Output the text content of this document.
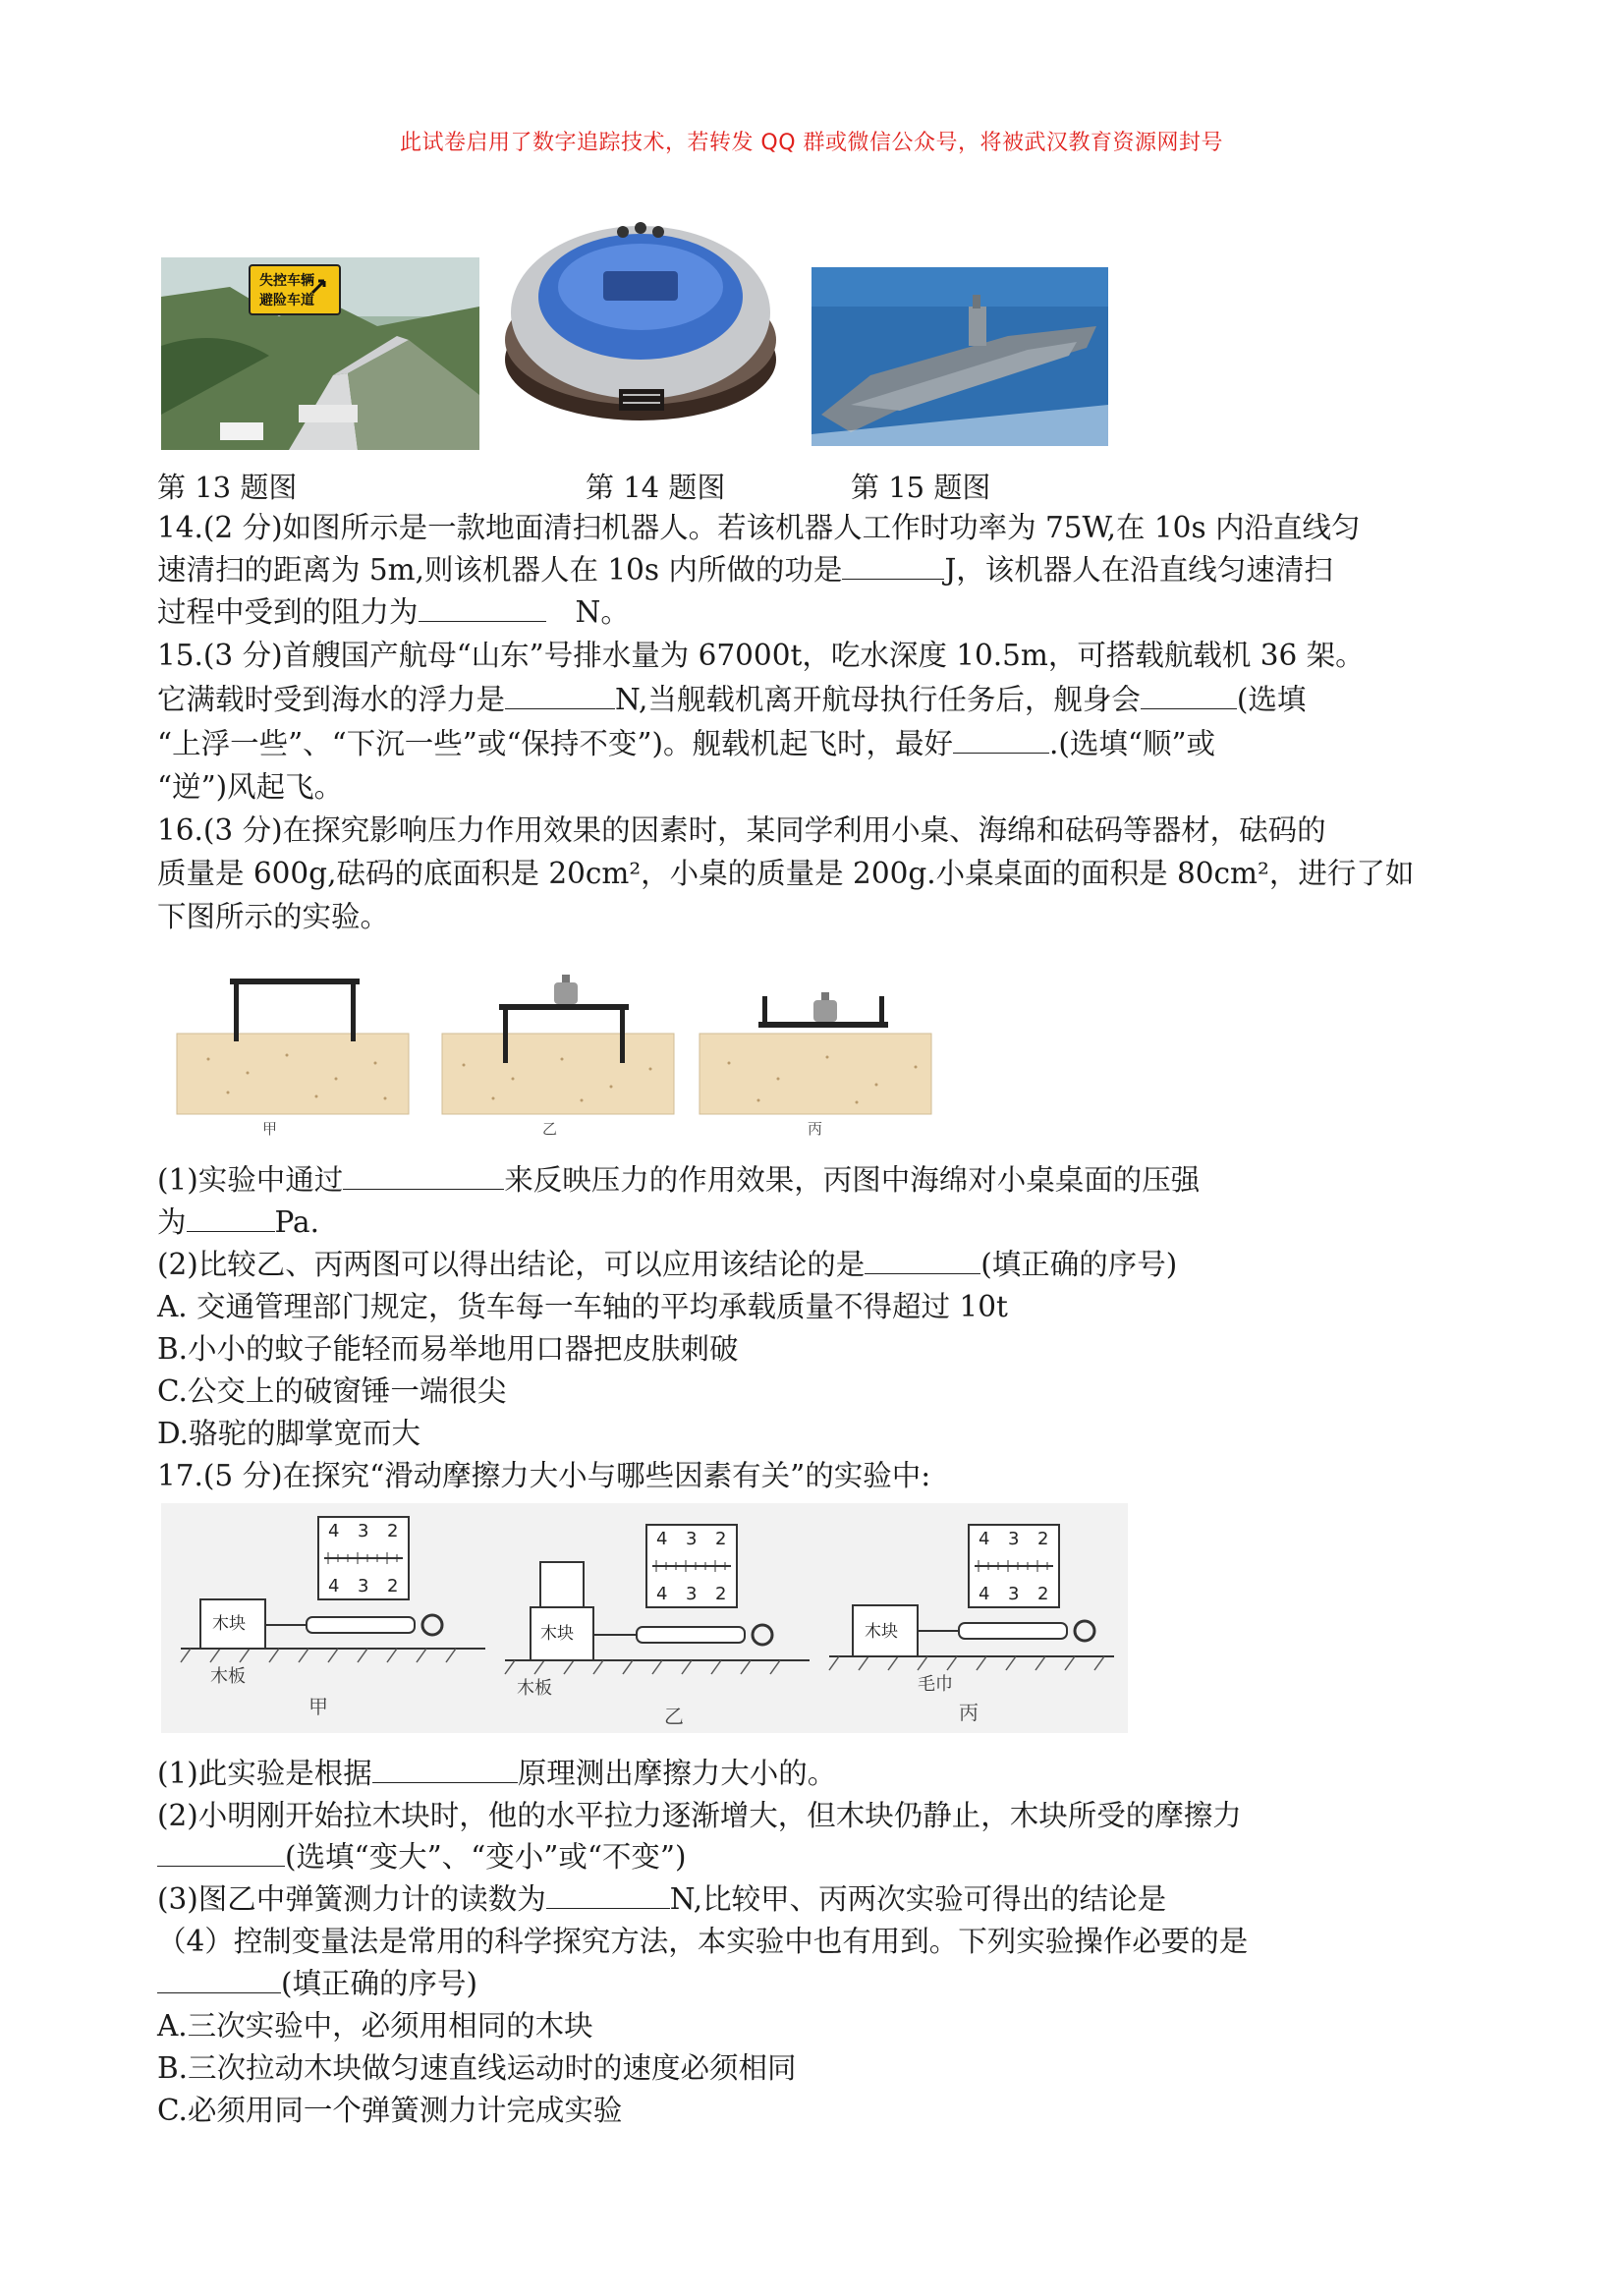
此试卷启用了数字追踪技术，若转发 QQ 群或微信公众号，将被武汉教育资源网封号
失控车辆
避险车道
第 13 题图	第 14 题图	第 15 题图
14.(2 分)如图所示是一款地面清扫机器人。若该机器人工作时功率为 75W,在 10s 内沿直线匀
速清扫的距离为 5m,则该机器人在 10s 内所做的功是	J，该机器人在沿直线匀速清扫
过程中受到的阻力为	N。
15.(3 分)首艘国产航母“山东”号排水量为 67000t，吃水深度 10.5m，可搭载航载机 36 架。
它满载时受到海水的浮力是	N,当舰载机离开航母执行任务后，舰身会	(选填
“上浮一些”、“下沉一些”或“保持不变”)。舰载机起飞时，最好	.(选填“顺”或
“逆”)风起飞。
16.(3 分)在探究影响压力作用效果的因素时，某同学利用小桌、海绵和砝码等器材，砝码的
质量是 600g,砝码的底面积是 20cm²，小桌的质量是 200g.小桌桌面的面积是 80cm²，进行了如
下图所示的实验。
甲	乙	丙
(1)实验中通过	来反映压力的作用效果，丙图中海绵对小桌桌面的压强
为	Pa.
(2)比较乙、丙两图可以得出结论，可以应用该结论的是	(填正确的序号)
A. 交通管理部门规定，货车每一车轴的平均承载质量不得超过 10t
B.小小的蚊子能轻而易举地用口器把皮肤刺破
C.公交上的破窗锤一端很尖
D.骆驼的脚掌宽而大
17.(5 分)在探究“滑动摩擦力大小与哪些因素有关”的实验中:
木块
4 3 2
4 3 2
木板
甲
木块
4 3 2
4 3 2
木板
乙
木块
4 3 2
4 3 2
毛巾
丙
(1)此实验是根据	原理测出摩擦力大小的。
(2)小明刚开始拉木块时，他的水平拉力逐渐增大，但木块仍静止，木块所受的摩擦力
(选填“变大”、“变小”或“不变”)
(3)图乙中弹簧测力计的读数为	N,比较甲、丙两次实验可得出的结论是
（4）控制变量法是常用的科学探究方法，本实验中也有用到。下列实验操作必要的是
(填正确的序号)
A.三次实验中，必须用相同的木块
B.三次拉动木块做匀速直线运动时的速度必须相同
C.必须用同一个弹簧测力计完成实验
